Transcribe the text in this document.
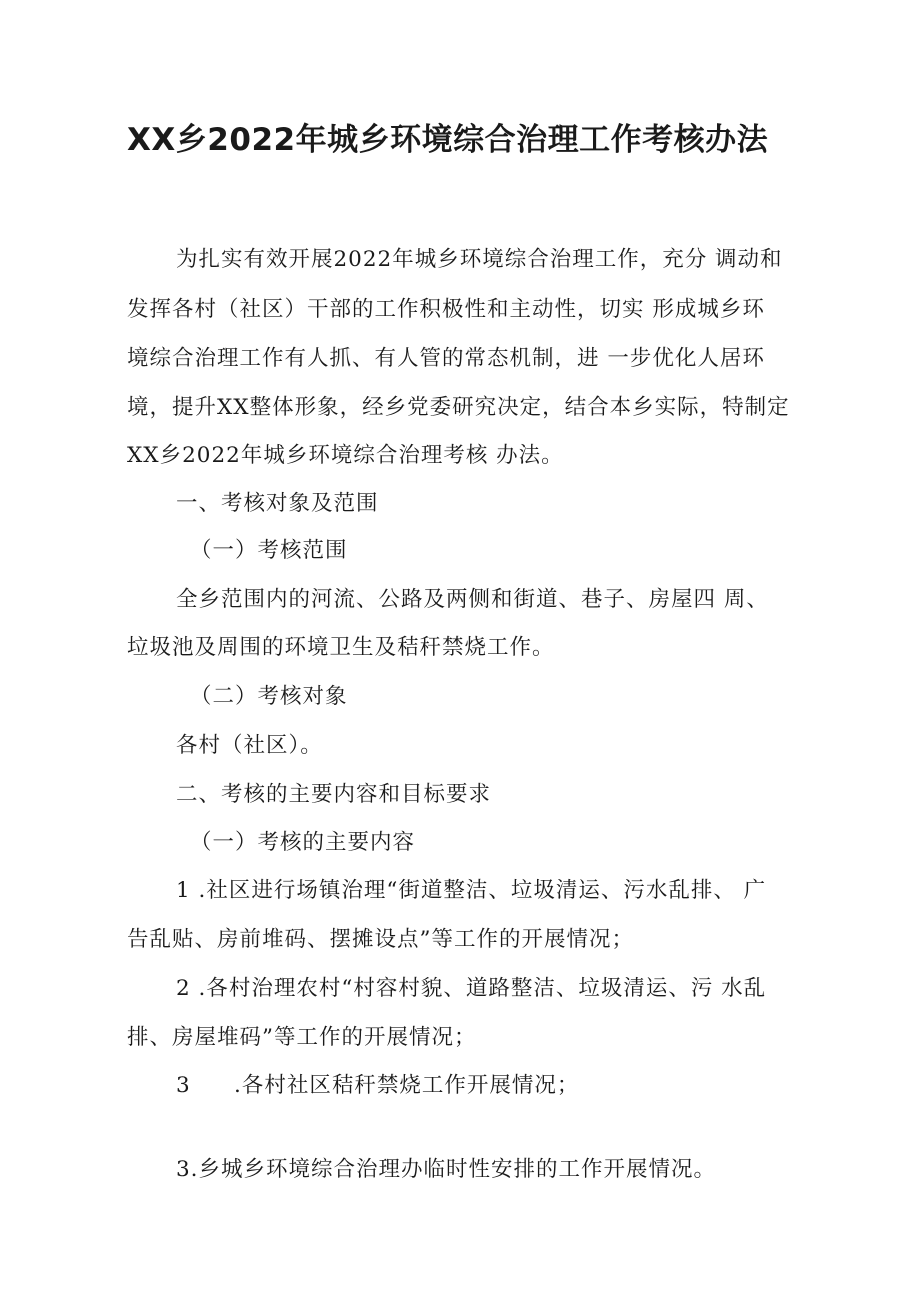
XX乡2022年城乡环境综合治理工作考核办法
为扎实有效开展2022年城乡环境综合治理工作，充分 调动和
发挥各村（社区）干部的工作积极性和主动性，切实 形成城乡环
境综合治理工作有人抓、有人管的常态机制，进 一步优化人居环
境，提升XX整体形象，经乡党委研究决定，结合本乡实际，特制定
XX乡2022年城乡环境综合治理考核 办法。
一、考核对象及范围
（一）考核范围
全乡范围内的河流、公路及两侧和街道、巷子、房屋四 周、
垃圾池及周围的环境卫生及秸秆禁烧工作。
（二）考核对象
各村（社区）。
二、考核的主要内容和目标要求
（一）考核的主要内容
1 .社区进行场镇治理“街道整洁、垃圾清运、污水乱排、 广
告乱贴、房前堆码、摆摊设点”等工作的开展情况；
2 .各村治理农村“村容村貌、道路整洁、垃圾清运、污 水乱
排、房屋堆码”等工作的开展情况；
3 .各村社区秸秆禁烧工作开展情况；
3.乡城乡环境综合治理办临时性安排的工作开展情况。
